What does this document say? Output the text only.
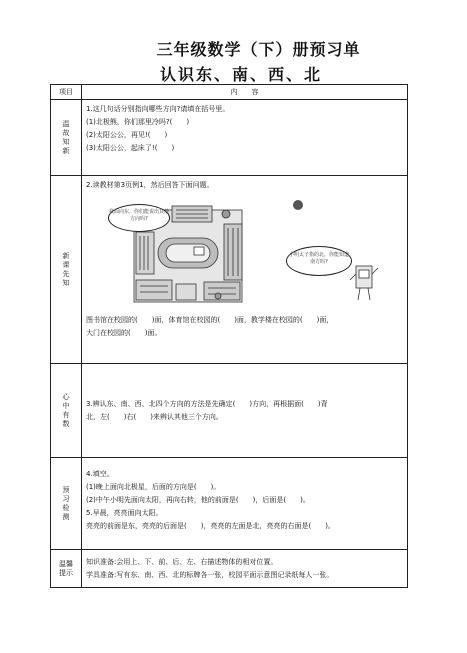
三年级数学（下）册预习单
认识东、南、西、北
项目	内　　容
温故知新	1.这几句话分别指向哪些方向?请填在括号里。

(1)北极熊，你们那里冷吗?(　　)

(2)太阳公公，再见!(　　)

(3)太阳公公，起床了!(　　)

新课先知	2.读教材第3页例1，然后回答下面问题。

我面向东，你们能说出其他方向吗?
小明太子指的北，你能知道南方吗?

图书馆在校园的(　　)面，体育馆在校园的(　　)面，教学楼在校园的(　　)面，

大门在校园的(　　)面。

心中有数	3.辨认东、南、西、北四个方向的方法是先确定(　　)方向，再根据面(　　)背

北，左(　　)右(　　)来辨认其他三个方向。

预习检测	4.填空。

(1)晚上面向北极星，后面的方向是(　　)。

(2)中午小明先面向太阳，再向右转，他的前面是(　　)，后面是(　　)。

5.早晨，亮亮面向太阳。

亮亮的前面是东，亮亮的后面是(　　)，亮亮的左面是北，亮亮的右面是(　　)。

温馨提示	知识准备:会用上、下、前、后、左、右描述物体的相对位置。

学具准备:写有东、南、西、北的标牌各一张，校园平面示意图记录纸每人一张。
